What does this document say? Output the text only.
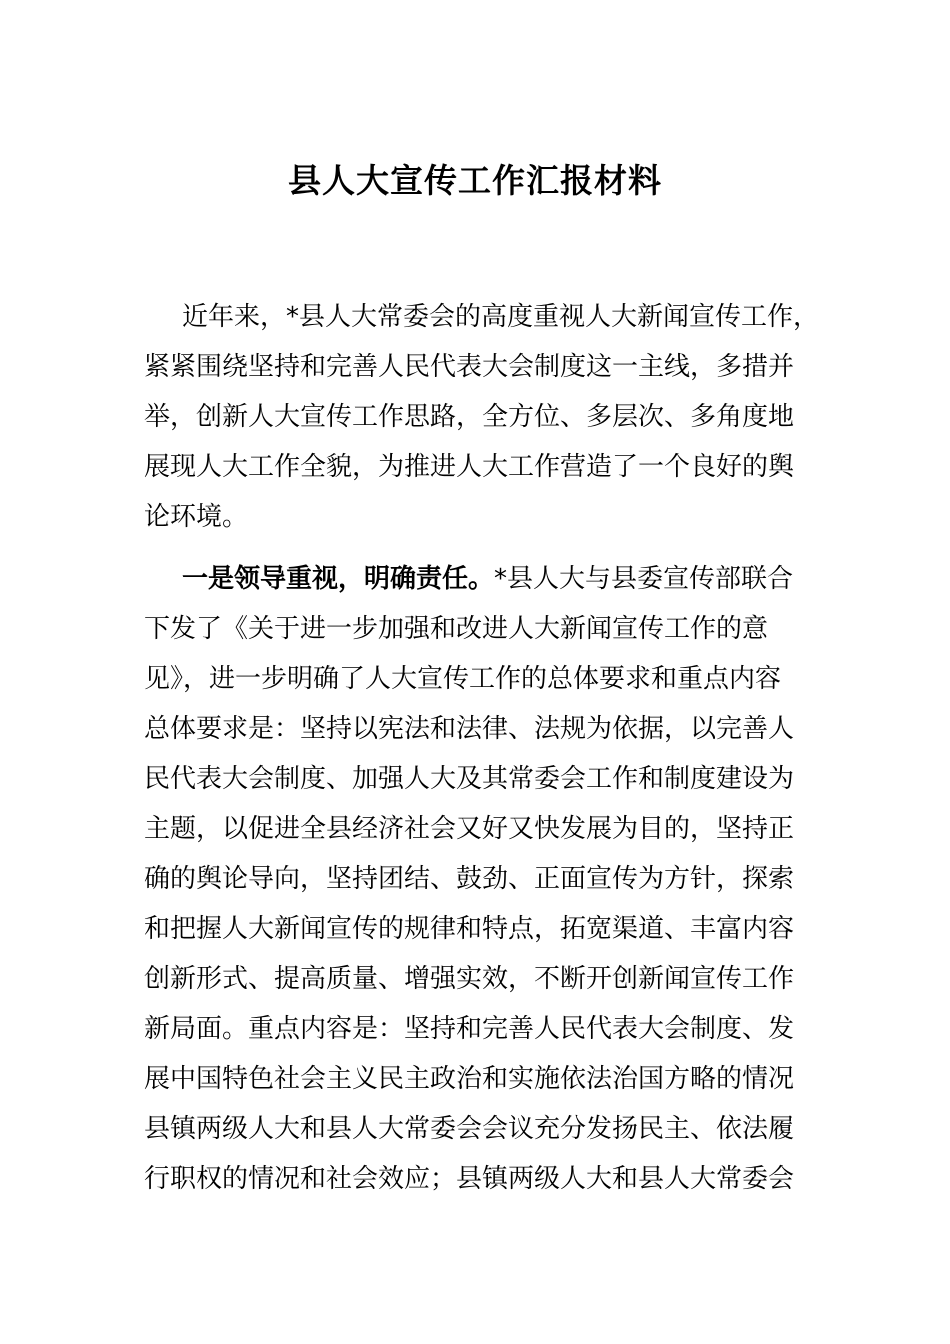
县人大宣传工作汇报材料
近年来，*县人大常委会的高度重视人大新闻宣传工作，
紧紧围绕坚持和完善人民代表大会制度这一主线，多措并
举，创新人大宣传工作思路，全方位、多层次、多角度地
展现人大工作全貌，为推进人大工作营造了一个良好的舆
论环境。
一是领导重视，明确责任。*县人大与县委宣传部联合
下发了《关于进一步加强和改进人大新闻宣传工作的意
见》，进一步明确了人大宣传工作的总体要求和重点内容
总体要求是：坚持以宪法和法律、法规为依据，以完善人
民代表大会制度、加强人大及其常委会工作和制度建设为
主题，以促进全县经济社会又好又快发展为目的，坚持正
确的舆论导向，坚持团结、鼓劲、正面宣传为方针，探索
和把握人大新闻宣传的规律和特点，拓宽渠道、丰富内容
创新形式、提高质量、增强实效，不断开创新闻宣传工作
新局面。重点内容是：坚持和完善人民代表大会制度、发
展中国特色社会主义民主政治和实施依法治国方略的情况
县镇两级人大和县人大常委会会议充分发扬民主、依法履
行职权的情况和社会效应；县镇两级人大和县人大常委会
